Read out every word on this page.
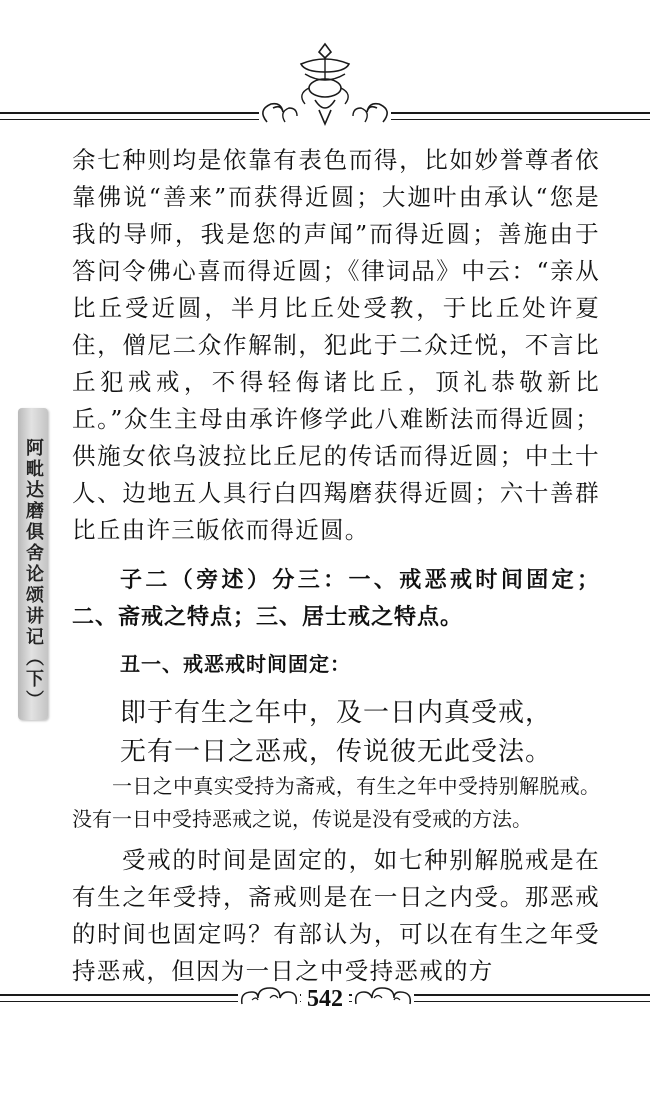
阿毗达磨俱舍论颂讲记（下）

余七种则均是依靠有表色而得，比如妙誉尊者依靠佛说“善来”而获得近圆；大迦叶由承认“您是我的导师，我是您的声闻”而得近圆；善施由于答问令佛心喜而得近圆；《律词品》中云：“亲从比丘受近圆，半月比丘处受教，于比丘处许夏住，僧尼二众作解制，犯此于二众迁悦，不言比丘犯戒戒，不得轻侮诸比丘，顶礼恭敬新比丘。”众生主母由承许修学此八难断法而得近圆；供施女依乌波拉比丘尼的传话而得近圆；中土十人、边地五人具行白四羯磨获得近圆；六十善群比丘由许三皈依而得近圆。

子二（旁述）分三：一、戒恶戒时间固定；二、斋戒之特点；三、居士戒之特点。

丑一、戒恶戒时间固定：

即于有生之年中，及一日内真受戒，

无有一日之恶戒，传说彼无此受法。

一日之中真实受持为斋戒，有生之年中受持别解脱戒。没有一日中受持恶戒之说，传说是没有受戒的方法。

受戒的时间是固定的，如七种别解脱戒是在有生之年受持，斋戒则是在一日之内受。那恶戒的时间也固定吗？有部认为，可以在有生之年受持恶戒，但因为一日之中受持恶戒的方

542
